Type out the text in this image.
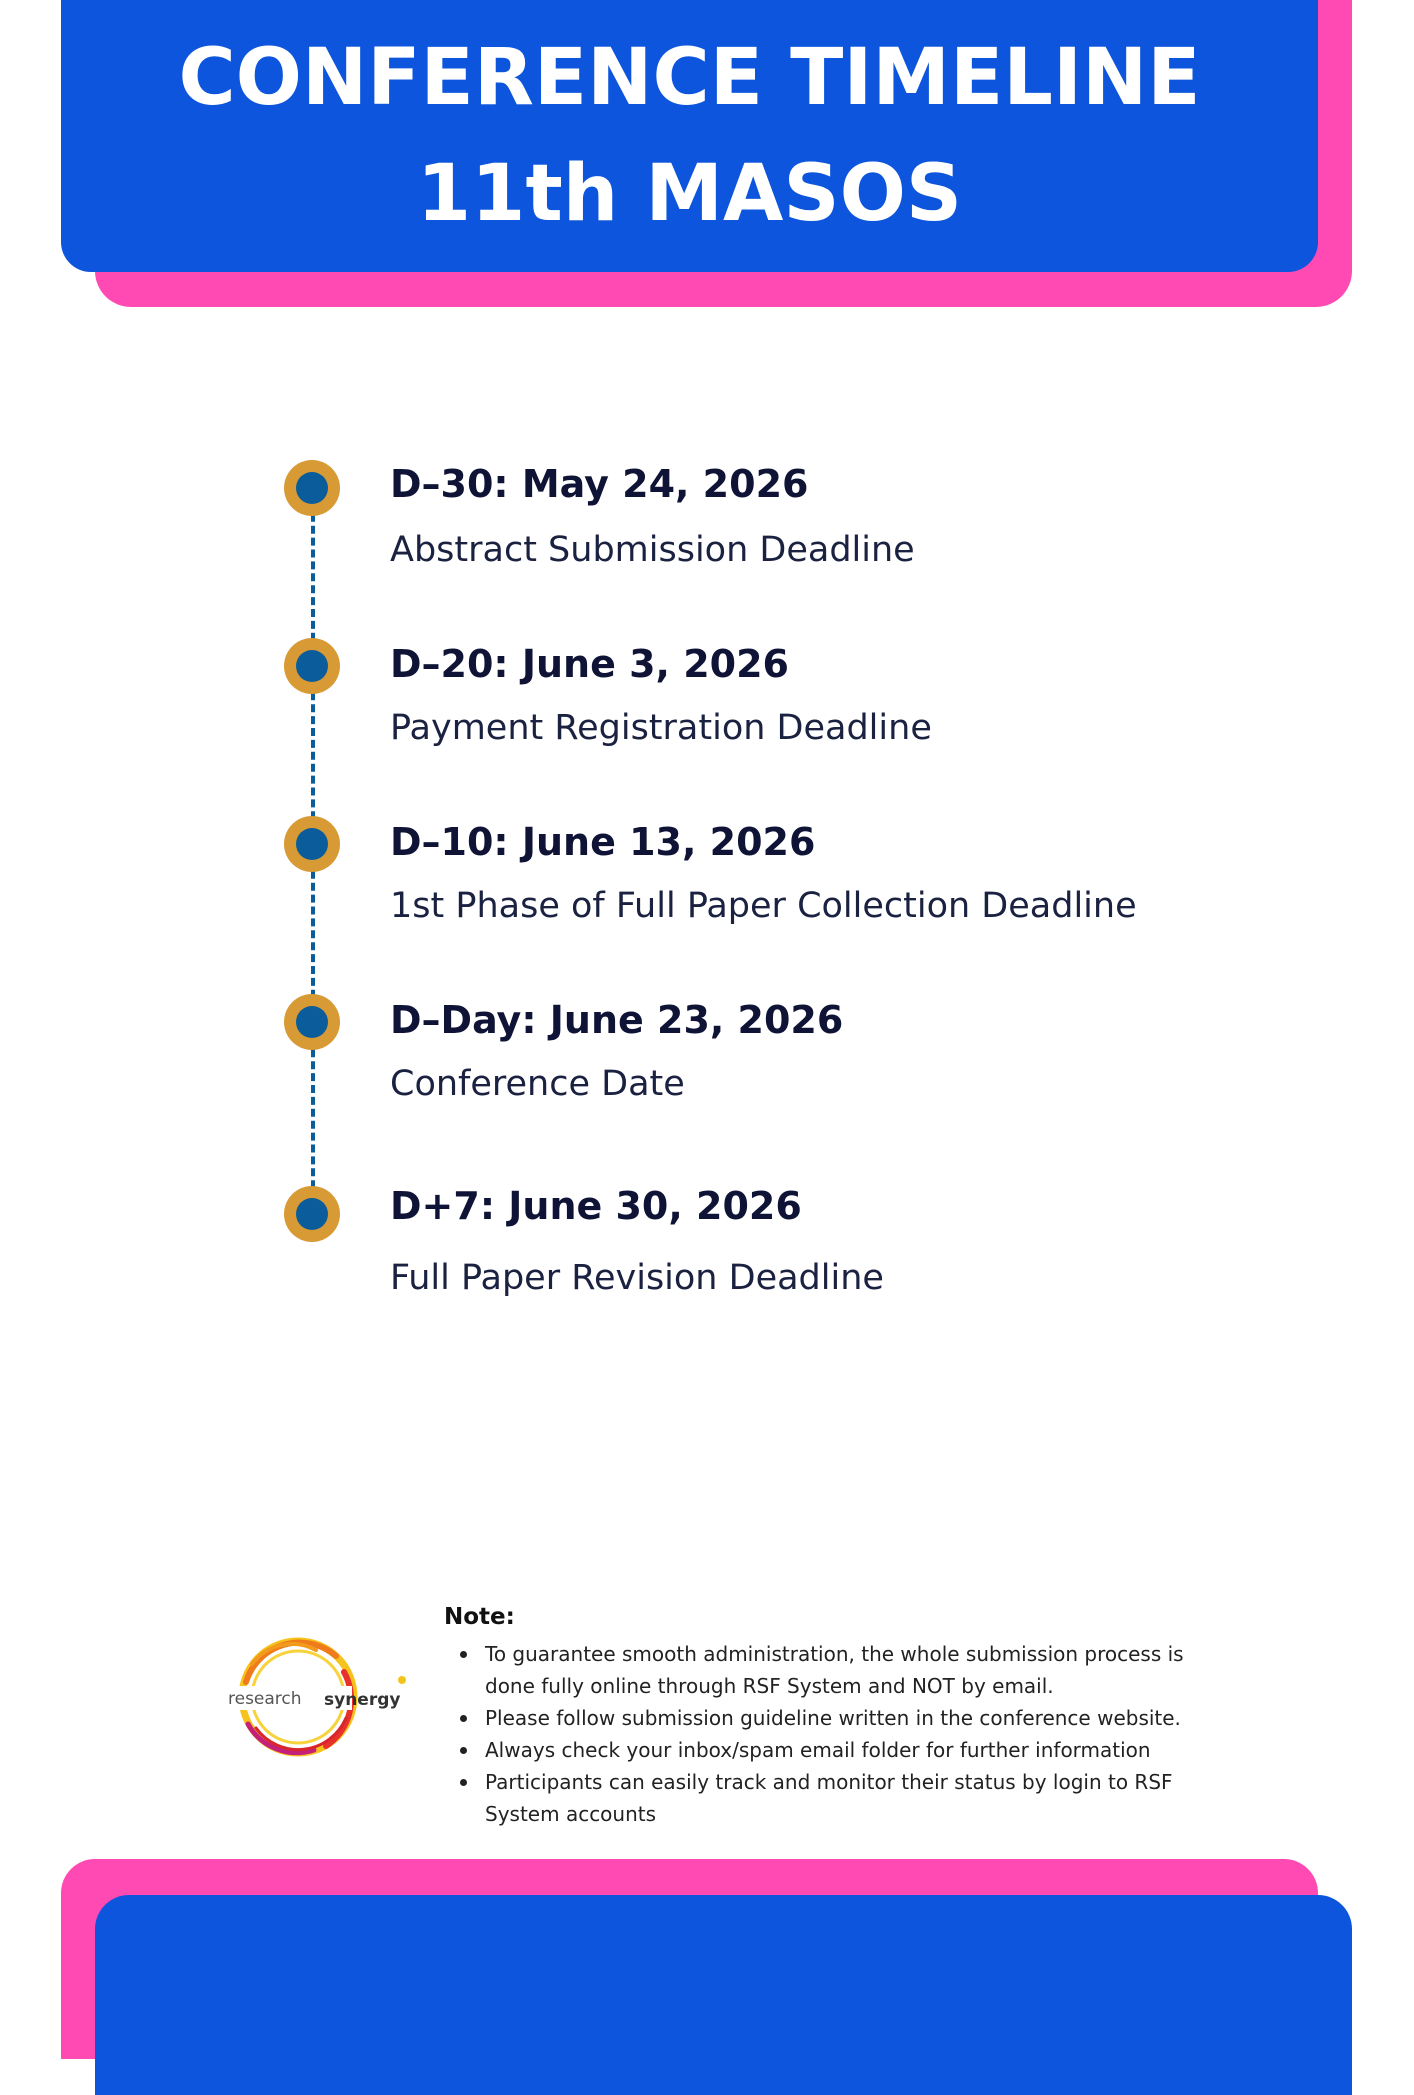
CONFERENCE TIMELINE
11th MASOS
D–30: May 24, 2026
Abstract Submission Deadline
D–20: June 3, 2026
Payment Registration Deadline
D–10: June 13, 2026
1st Phase of Full Paper Collection Deadline
D–Day: June 23, 2026
Conference Date
D+7: June 30, 2026
Full Paper Revision Deadline
research synergy
Note:
To guarantee smooth administration, the whole submission process is done fully online through RSF System and NOT by email.
Please follow submission guideline written in the conference website.
Always check your inbox/spam email folder for further information
Participants can easily track and monitor their status by login to RSF System accounts
